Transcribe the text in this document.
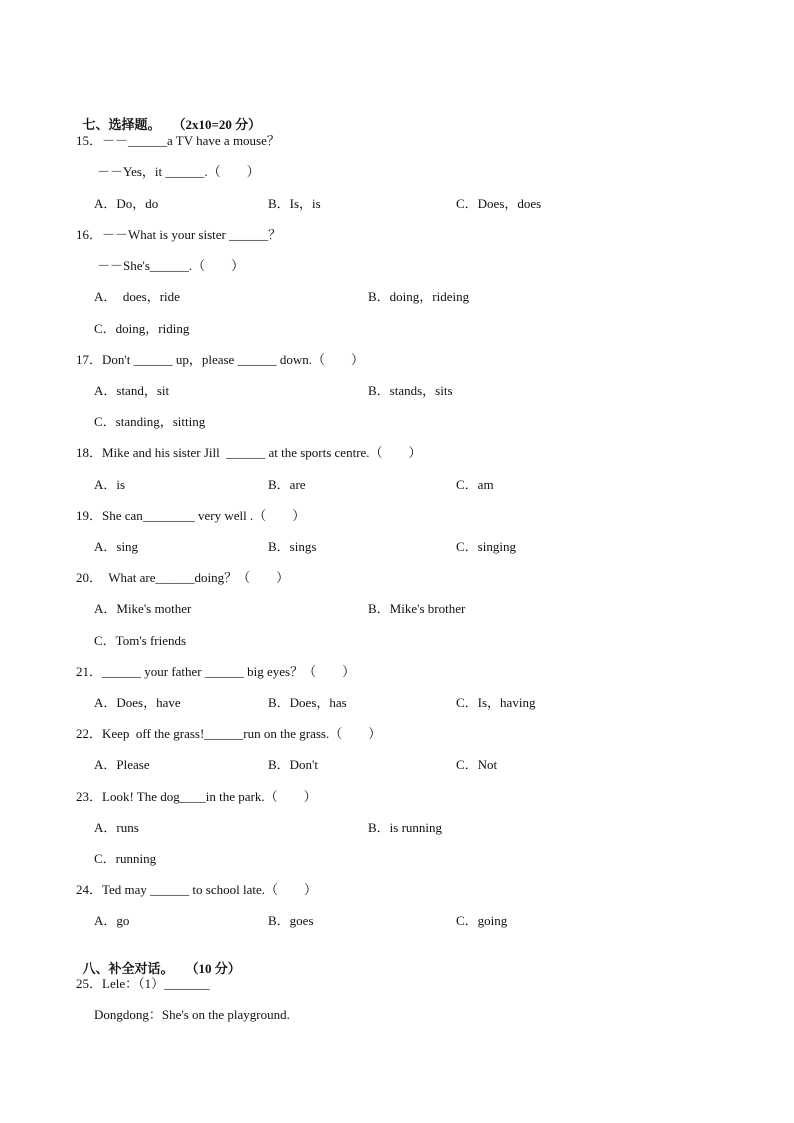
七、选择题。 （2x10=20 分）

15．－－______a TV have a mouse？
－－Yes，it ______.（　　）
A．Do，do	B．Is，is	C．Does，does
16．－－What is your sister ______？
－－She's______.（　　）
A．  does，ride	B．doing，rideing
C．doing，riding
17．Don't ______ up，please ______ down.（　　）
A．stand，sit	B．stands，sits
C．standing，sitting
18．Mike and his sister Jill  ______ at the sports centre.（　　）
A．is	B．are	C．am
19．She can________ very well .（　　）
A．sing	B．sings	C．singing
20．  What are______doing？（　　）
A．Mike's mother	B．Mike's brother
C．Tom's friends
21．______ your father ______ big eyes？（　　）
A．Does，have	B．Does，has	C．Is，having
22．Keep  off the grass!______run on the grass.（　　）
A．Please	B．Don't	C．Not
23．Look! The dog____in the park.（　　）
A．runs	B．is running
C．running
24．Ted may ______ to school late.（　　）
A．go	B．goes	C．going

八、补全对话。 （10 分）

25．Lele：（1）_______
Dongdong：She's on the playground.
